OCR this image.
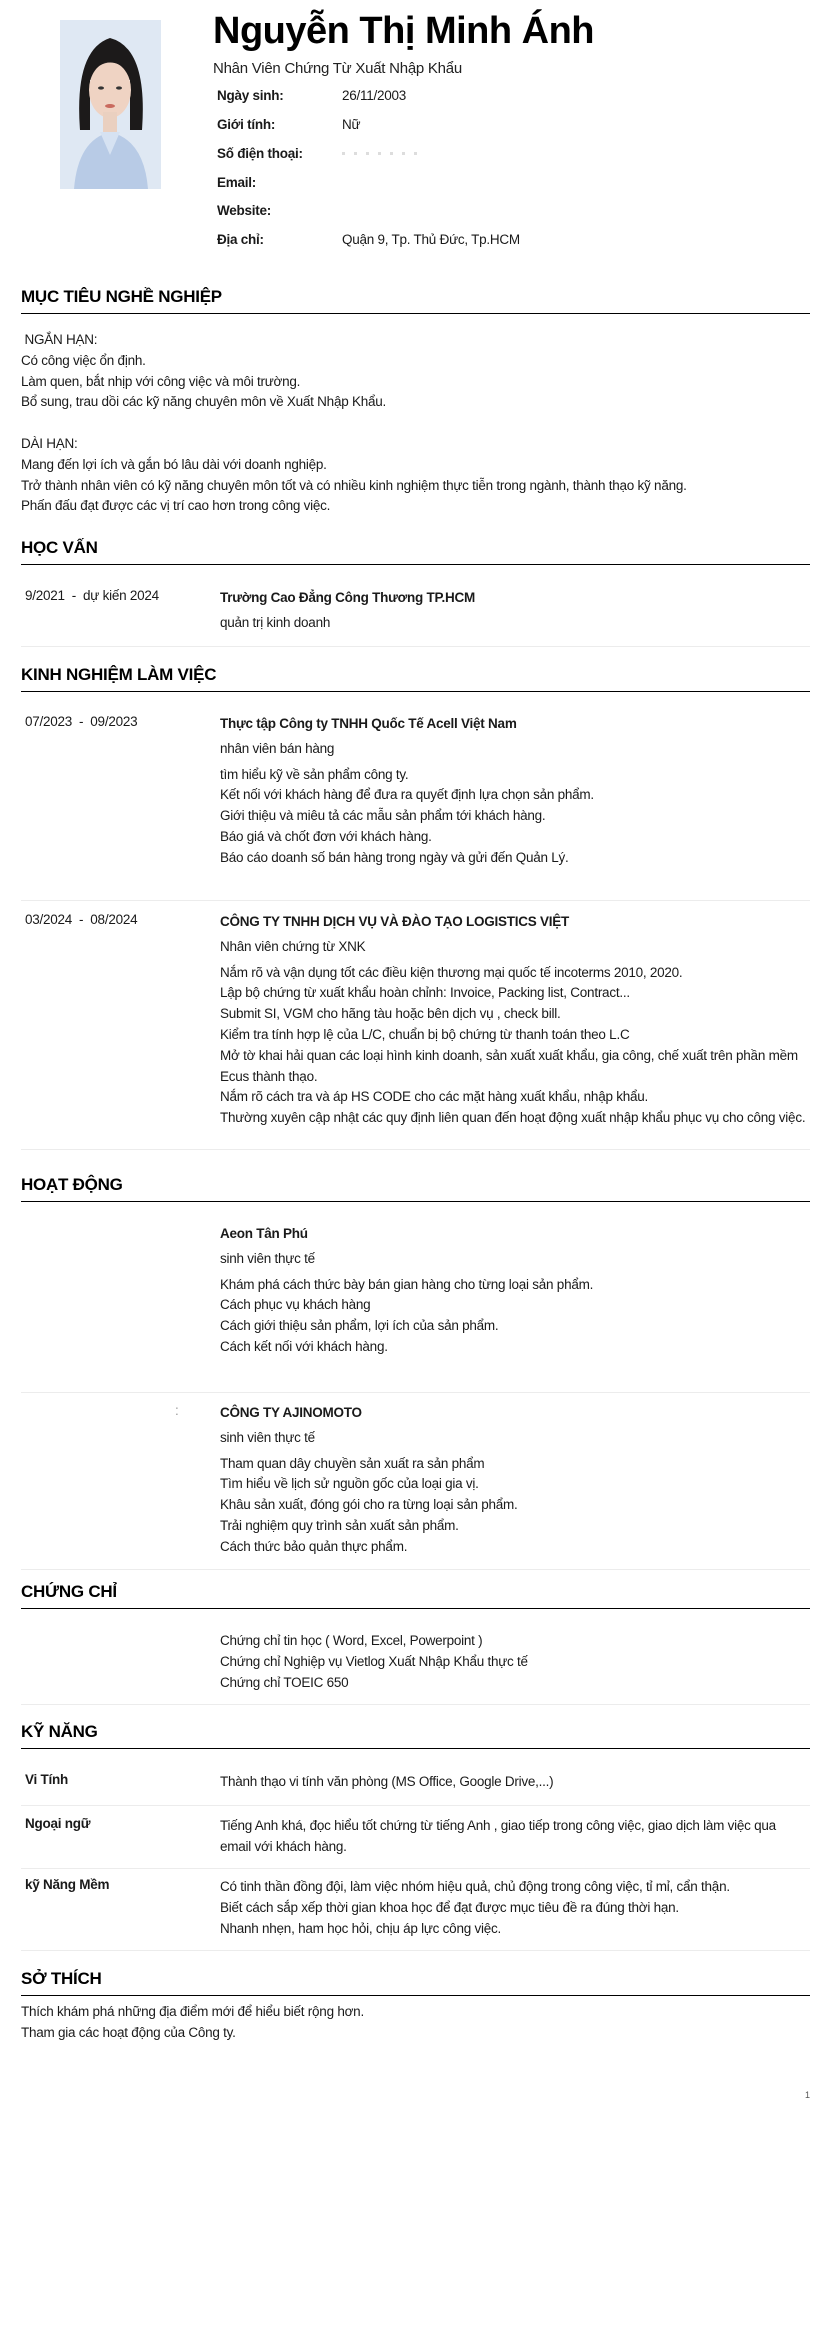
Nguyễn Thị Minh Ánh
Nhân Viên Chứng Từ Xuất Nhập Khẩu
Ngày sinh:	26/11/2003
Giới tính:	Nữ
Số điện thoại:
Email:
Website:
Địa chỉ:	Quận 9, Tp. Thủ Đức, Tp.HCM
MỤC TIÊU NGHỀ NGHIỆP
NGẮN HẠN:
Có công việc ổn định.
Làm quen, bắt nhịp với công việc và môi trường.
Bổ sung, trau dồi các kỹ năng chuyên môn về Xuất Nhập Khẩu.
DÀI HẠN:
Mang đến lợi ích và gắn bó lâu dài với doanh nghiệp.
Trở thành nhân viên có kỹ năng chuyên môn tốt và có nhiều kinh nghiệm thực tiễn trong ngành, thành thạo kỹ năng.
Phấn đấu đạt được các vị trí cao hơn trong công việc.
HỌC VẤN
9/2021  -  dự kiến 2024	Trường Cao Đẳng Công Thương TP.HCM
quản trị kinh doanh
KINH NGHIỆM LÀM VIỆC
07/2023  -  09/2023	Thực tập Công ty TNHH Quốc Tế Acell Việt Nam
nhân viên bán hàng
tìm hiểu kỹ về sản phẩm công ty.
Kết nối với khách hàng để đưa ra quyết định lựa chọn sản phẩm.
Giới thiệu và miêu tả các mẫu sản phẩm tới khách hàng.
Báo giá và chốt đơn với khách hàng.
Báo cáo doanh số bán hàng trong ngày và gửi đến Quản Lý.
03/2024  -  08/2024	CÔNG TY TNHH DỊCH VỤ VÀ ĐÀO TẠO LOGISTICS VIỆT
Nhân viên chứng từ XNK
Nắm rõ và vận dụng tốt các điều kiện thương mại quốc tế incoterms 2010, 2020.
Lập bộ chứng từ xuất khẩu hoàn chỉnh: Invoice, Packing list, Contract...
Submit SI, VGM cho hãng tàu hoặc bên dịch vụ , check bill.
Kiểm tra tính hợp lệ của L/C, chuẩn bị bộ chứng từ thanh toán theo L.C
Mở tờ khai hải quan các loại hình kinh doanh, sản xuất xuất khẩu, gia công, chế xuất trên phần mềm Ecus thành thạo.
Nắm rõ cách tra và áp HS CODE cho các mặt hàng xuất khẩu, nhập khẩu.
Thường xuyên cập nhật các quy định liên quan đến hoạt động xuất nhập khẩu phục vụ cho công việc.
HOẠT ĐỘNG
Aeon Tân Phú
sinh viên thực tế
Khám phá cách thức bày bán gian hàng cho từng loại sản phẩm.
Cách phục vụ khách hàng
Cách giới thiệu sản phẩm, lợi ích của sản phẩm.
Cách kết nối với khách hàng.
:	CÔNG TY AJINOMOTO
sinh viên thực tế
Tham quan dây chuyền sản xuất ra sản phẩm
Tìm hiểu về lịch sử nguồn gốc của loại gia vị.
Khâu sản xuất, đóng gói cho ra từng loại sản phẩm.
Trải nghiệm quy trình sản xuất sản phẩm.
Cách thức bảo quản thực phẩm.
CHỨNG CHỈ
Chứng chỉ tin học ( Word, Excel, Powerpoint )
Chứng chỉ Nghiệp vụ Vietlog Xuất Nhập Khẩu thực tế
Chứng chỉ TOEIC 650
KỸ NĂNG
Vi Tính	Thành thạo vi tính văn phòng (MS Office, Google Drive,...)
Ngoại ngữ	Tiếng Anh khá, đọc hiểu tốt chứng từ tiếng Anh , giao tiếp trong công việc, giao dịch làm việc qua email với khách hàng.
kỹ Năng Mềm	Có tinh thần đồng đội, làm việc nhóm hiệu quả, chủ động trong công việc, tỉ mỉ, cẩn thận.
Biết cách sắp xếp thời gian khoa học để đạt được mục tiêu đề ra đúng thời hạn.
Nhanh nhẹn, ham học hỏi, chịu áp lực công việc.
SỞ THÍCH
Thích khám phá những địa điểm mới để hiểu biết rộng hơn.
Tham gia các hoạt động của Công ty.
1
